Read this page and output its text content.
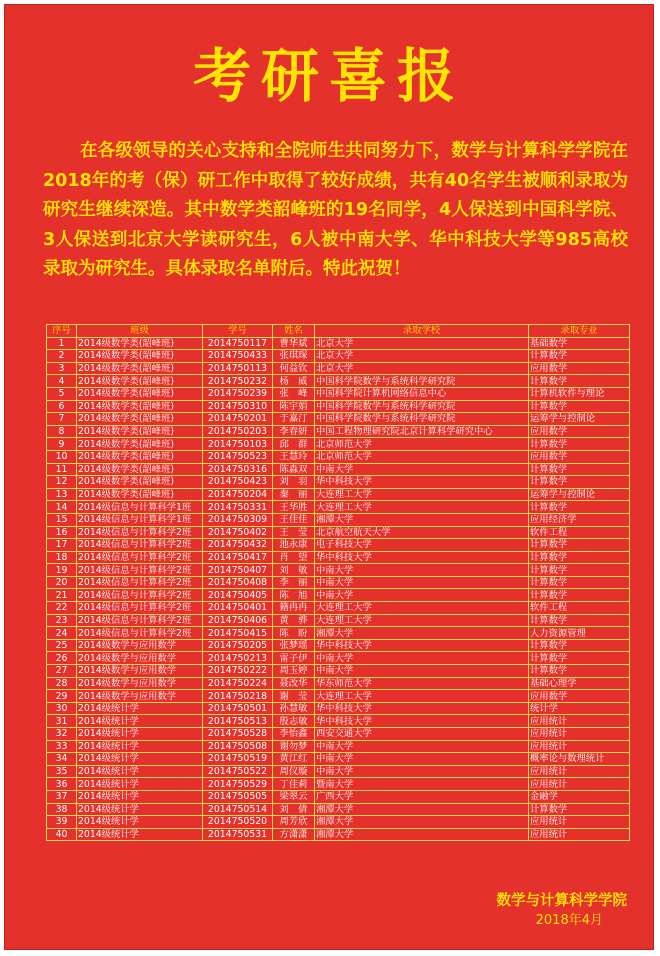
考研喜报

在各级领导的关心支持和全院师生共同努力下，数学与计算科学学院在2018年的考（保）研工作中取得了较好成绩，共有40名学生被顺利录取为研究生继续深造。其中数学类韶峰班的19名同学，4人保送到中国科学院、3人保送到北京大学读研究生，6人被中南大学、华中科技大学等985高校录取为研究生。具体录取名单附后。特此祝贺！

序号	班级	学号	姓名	录取学校	录取专业
1	2014级数学类(韶峰班)	2014750117	曹华斌	北京大学	基础数学
2	2014级数学类(韶峰班)	2014750433	张琪琛	北京大学	计算数学
3	2014级数学类(韶峰班)	2014750113	何益钦	北京大学	应用数学
4	2014级数学类(韶峰班)	2014750232	杨　威	中国科学院数学与系统科学研究院	计算数学
5	2014级数学类(韶峰班)	2014750239	张　峰	中国科学院计算机网络信息中心	计算机软件与理论
6	2014级数学类(韶峰班)	2014750310	陈宇娟	中国科学院数学与系统科学研究院	计算数学
7	2014级数学类(韶峰班)	2014750201	于嘉汀	中国科学院数学与系统科学研究院	运筹学与控制论
8	2014级数学类(韶峰班)	2014750203	李春妍	中国工程物理研究院北京计算科学研究中心	应用数学
9	2014级数学类(韶峰班)	2014750103	邱　群	北京师范大学	计算数学
10	2014级数学类(韶峰班)	2014750523	王慧玲	北京师范大学	应用数学
11	2014级数学类(韶峰班)	2014750316	陈淼双	中南大学	计算数学
12	2014级数学类(韶峰班)	2014750423	刘　羽	华中科技大学	计算数学
13	2014级数学类(韶峰班)	2014750204	秦　丽	大连理工大学	运筹学与控制论
14	2014级信息与计算科学1班	2014750331	王华胜	大连理工大学	计算数学
15	2014级信息与计算科学1班	2014750309	王佳佳	湘潭大学	应用经济学
16	2014级信息与计算科学2班	2014750402	王　莹	北京航空航天大学	软件工程
17	2014级信息与计算科学2班	2014750432	池永康	电子科技大学	计算数学
18	2014级信息与计算科学2班	2014750417	肖　望	华中科技大学	计算数学
19	2014级信息与计算科学2班	2014750407	刘　敏	中南大学	计算数学
20	2014级信息与计算科学2班	2014750408	李　丽	中南大学	计算数学
21	2014级信息与计算科学2班	2014750405	陈　旭	中南大学	计算数学
22	2014级信息与计算科学2班	2014750401	籍冉冉	大连理工大学	软件工程
23	2014级信息与计算科学2班	2014750406	黄　骅	大连理工大学	计算数学
24	2014级信息与计算科学2班	2014750415	陈　盼	湘潭大学	人力资源管理
25	2014级数学与应用数学	2014750205	张梦瑶	华中科技大学	计算数学
26	2014级数学与应用数学	2014750213	雷子伊	中南大学	计算数学
27	2014级数学与应用数学	2014750222	周玉婷	中南大学	计算数学
28	2014级数学与应用数学	2014750224	聂改华	华东师范大学	基础心理学
29	2014级数学与应用数学	2014750218	谢　莹	大连理工大学	应用数学
30	2014级统计学	2014750501	孙慧敏	华中科技大学	统计学
31	2014级统计学	2014750513	殷志敏	华中科技大学	应用统计
32	2014级统计学	2014750528	李怡鑫	西安交通大学	应用统计
33	2014级统计学	2014750508	谢勿梦	中南大学	应用统计
34	2014级统计学	2014750519	黄江红	中南大学	概率论与数理统计
35	2014级统计学	2014750522	周仪璇	中南大学	应用统计
36	2014级统计学	2014750529	丁佳莉	暨南大学	应用统计
37	2014级统计学	2014750505	梁翠云	广西大学	金融学
38	2014级统计学	2014750514	刘　倩	湘潭大学	计算数学
39	2014级统计学	2014750520	周芳欣	湘潭大学	应用统计
40	2014级统计学	2014750531	方潇潇	湘潭大学	应用统计
数学与计算科学学院
2018年4月
